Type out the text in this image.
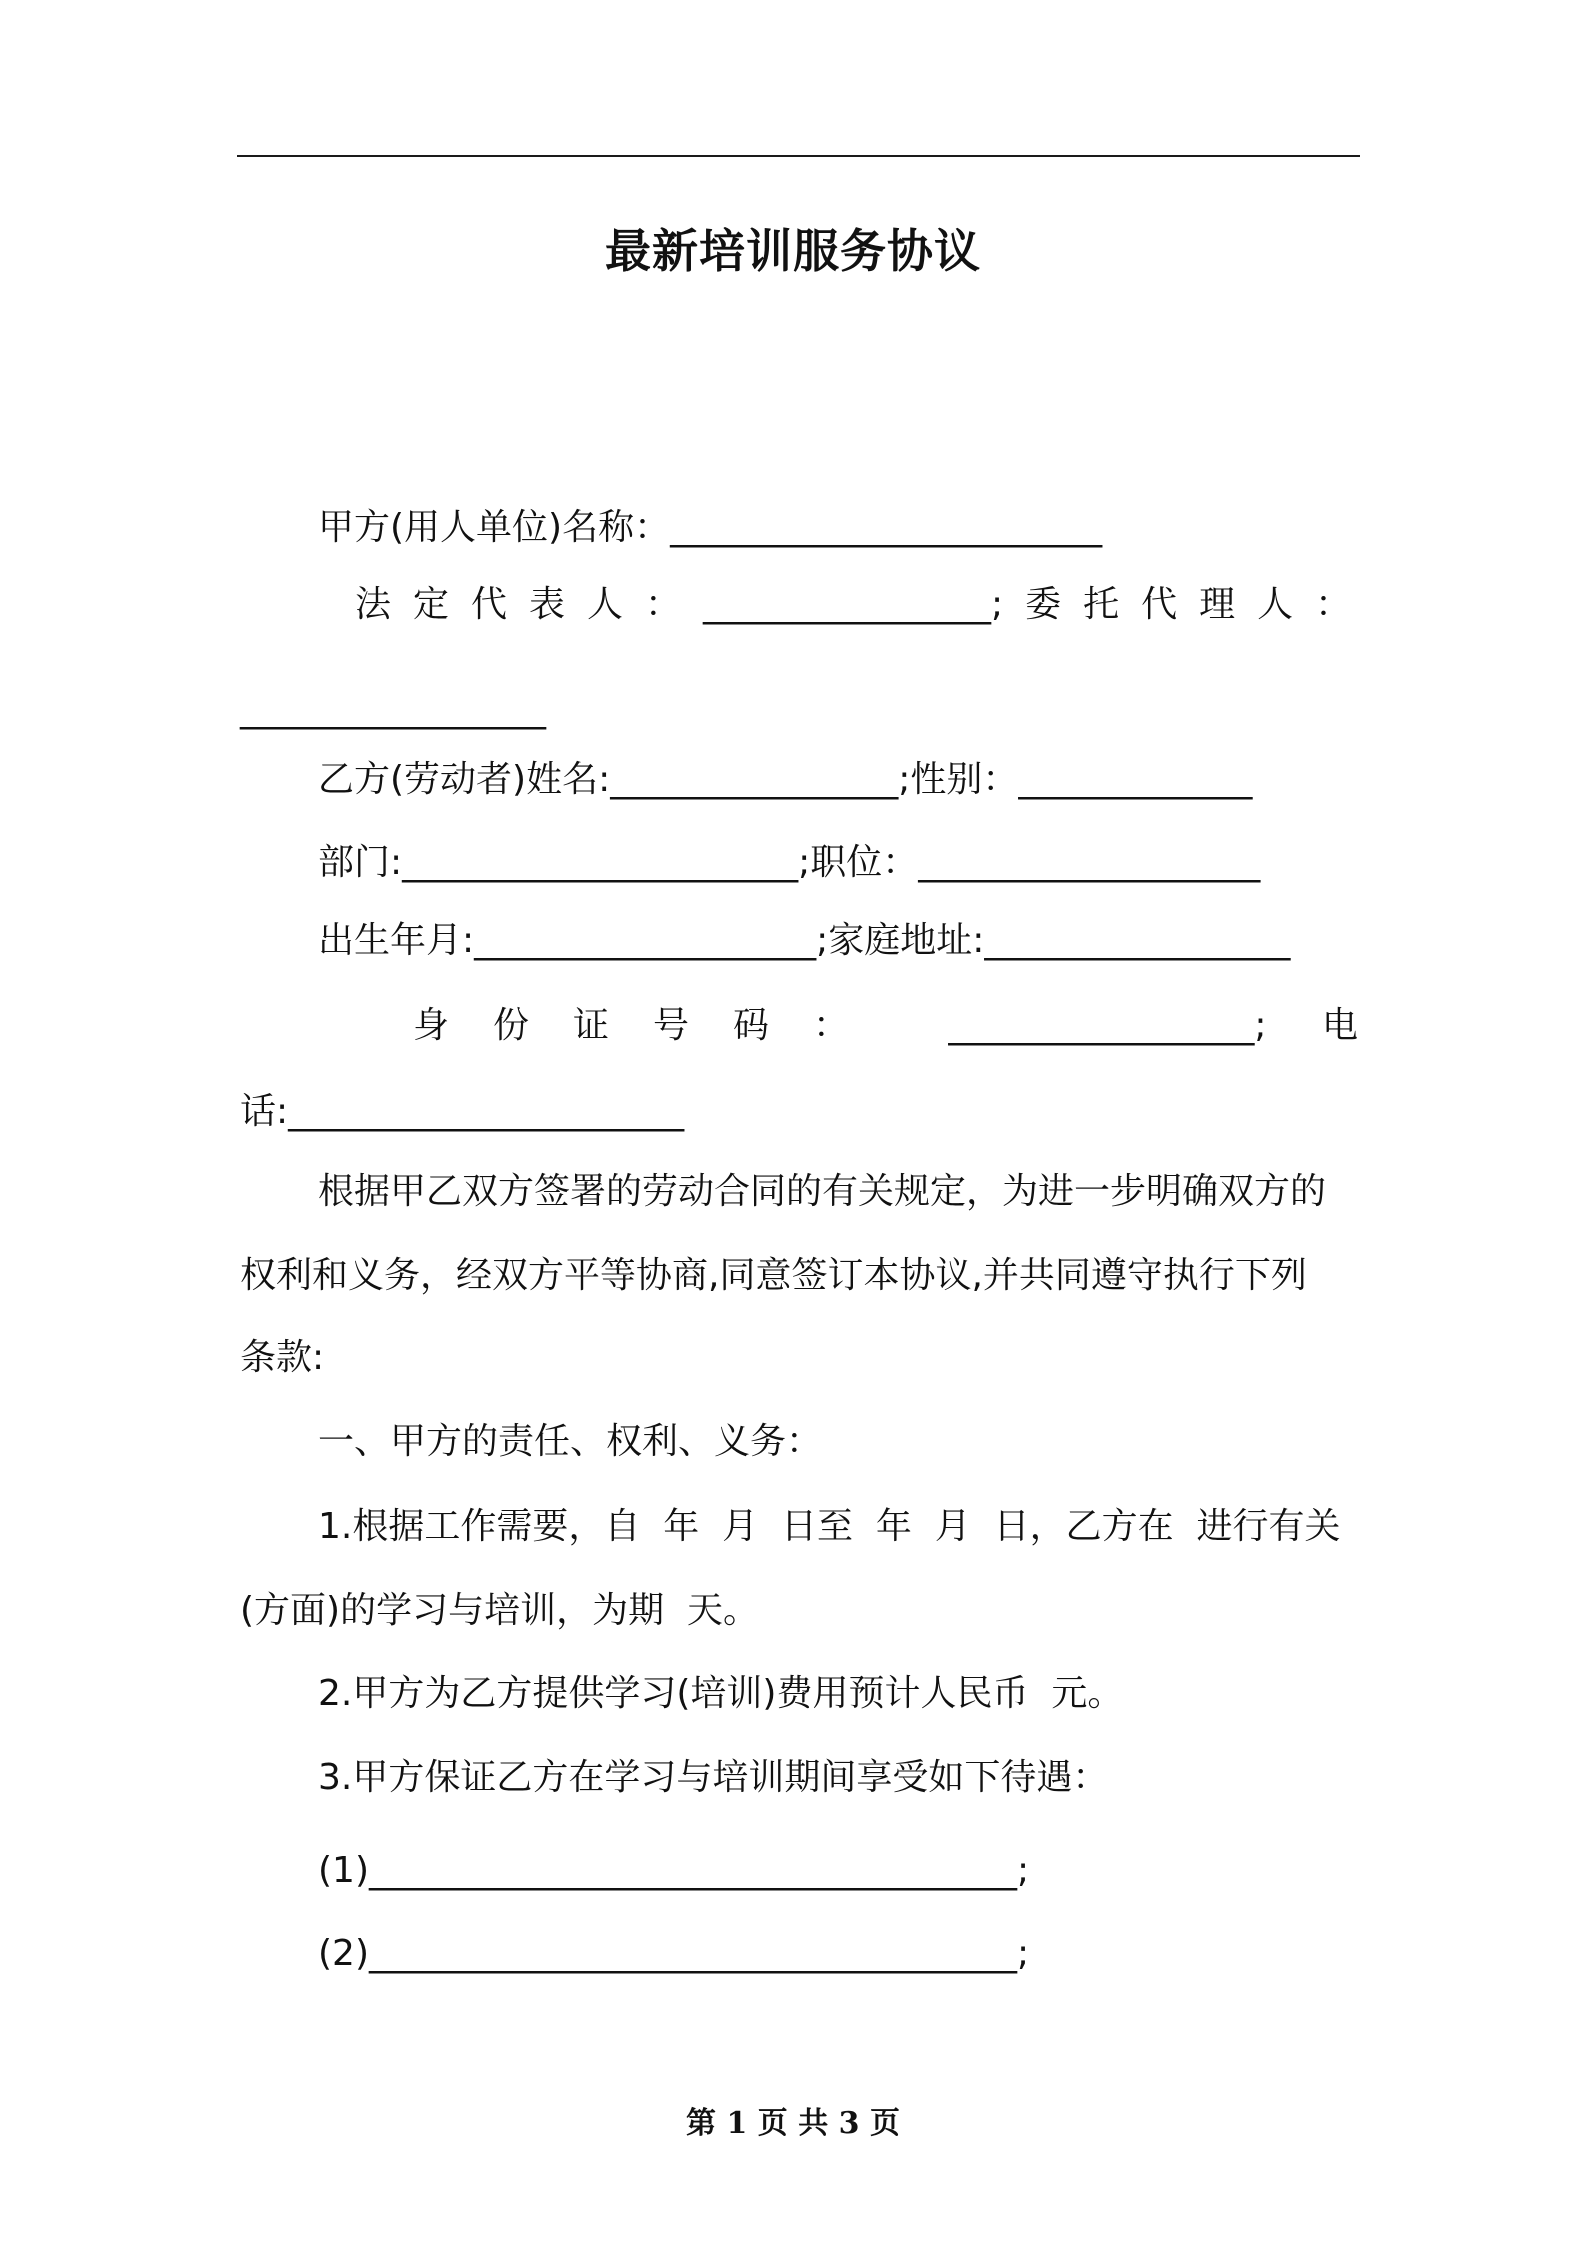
最新培训服务协议
甲方(用人单位)名称：________________________
法定代表人： ________________ ;委托代理人：
_________________
乙方(劳动者)姓名:________________;性别：_____________
部门:______________________;职位：___________________
出生年月:___________________;家庭地址:_________________
身份证号码： _________________; 电
话:______________________
根据甲乙双方签署的劳动合同的有关规定，为进一步明确双方的
权利和义务，经双方平等协商,同意签订本协议,并共同遵守执行下列
条款:
一、甲方的责任、权利、义务：
1.根据工作需要，自  年  月  日至  年  月  日，乙方在  进行有关
(方面)的学习与培训，为期  天。
2.甲方为乙方提供学习(培训)费用预计人民币  元。
3.甲方保证乙方在学习与培训期间享受如下待遇：
(1)____________________________________;
(2)____________________________________;
第 1 页 共 3 页
